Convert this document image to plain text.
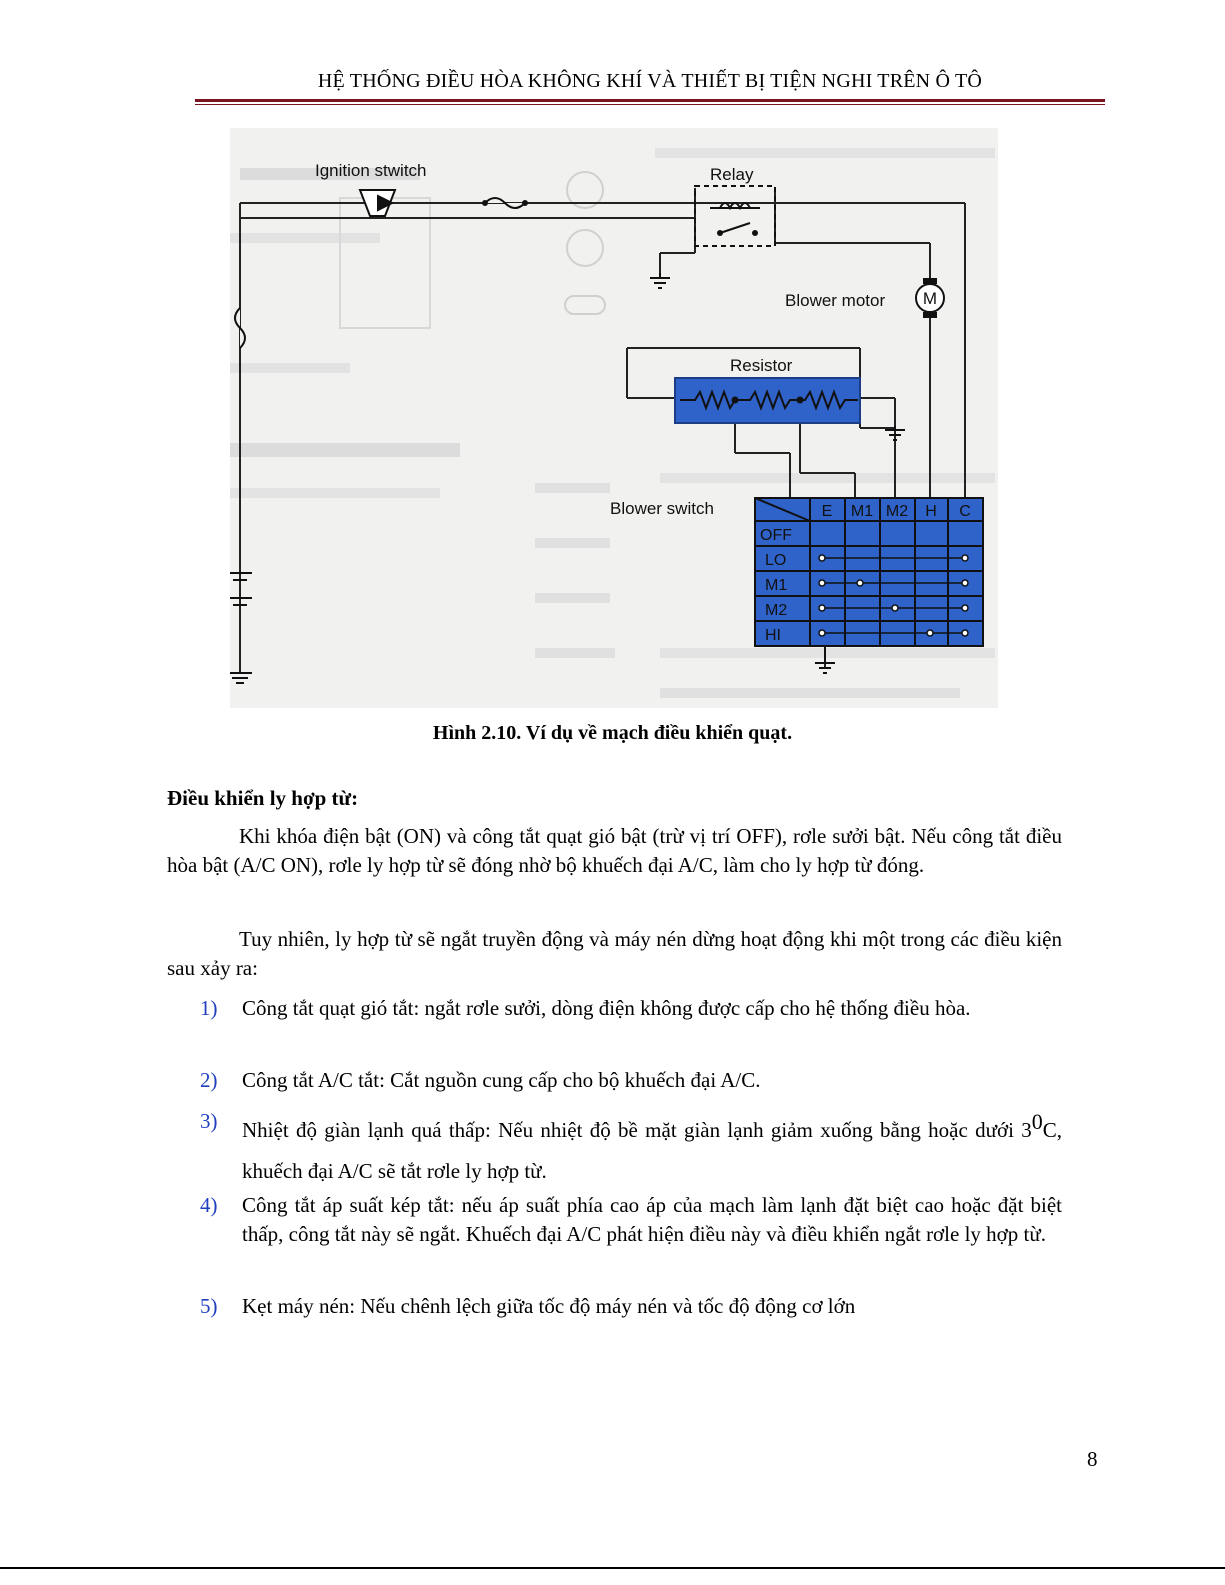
HỆ THỐNG ĐIỀU HÒA KHÔNG KHÍ VÀ THIẾT BỊ TIỆN NGHI TRÊN Ô TÔ
M
E M1 M2 H C
OFF
LO
M1
M2
HI
Ignition stwitch	Relay
Blower motor
Resistor
Blower switch
Hình 2.10. Ví dụ về mạch điều khiển quạt.
Điều khiển ly hợp từ:
Khi khóa điện bật (ON) và công tắt quạt gió bật (trừ vị trí OFF), rơle sưởi bật. Nếu công tắt điều hòa bật (A/C ON), rơle ly hợp từ sẽ đóng nhờ bộ khuếch đại A/C, làm cho ly hợp từ đóng.
Tuy nhiên, ly hợp từ sẽ ngắt truyền động và máy nén dừng hoạt động khi một trong các điều kiện sau xảy ra:
1) Công tắt quạt gió tắt: ngắt rơle sưởi, dòng điện không được cấp cho hệ thống điều hòa.
2) Công tắt A/C tắt: Cắt nguồn cung cấp cho bộ khuếch đại A/C.
3) Nhiệt độ giàn lạnh quá thấp: Nếu nhiệt độ bề mặt giàn lạnh giảm xuống bằng hoặc dưới $3^0C$, khuếch đại A/C sẽ tắt rơle ly hợp từ.
4) Công tắt áp suất kép tắt: nếu áp suất phía cao áp của mạch làm lạnh đặt biệt cao hoặc đặt biệt thấp, công tắt này sẽ ngắt. Khuếch đại A/C phát hiện điều này và điều khiển ngắt rơle ly hợp từ.
5) Kẹt máy nén: Nếu chênh lệch giữa tốc độ máy nén và tốc độ động cơ lớn
8
